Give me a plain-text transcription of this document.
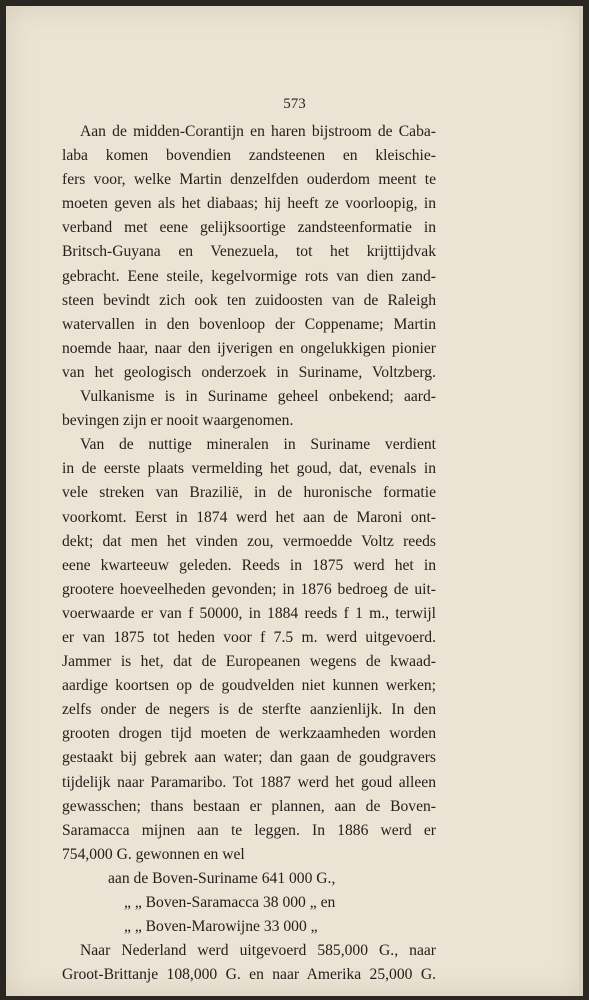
573
Aan de midden-Corantijn en haren bijstroom de Caba-
laba komen bovendien zandsteenen en kleischie-
fers voor, welke Martin denzelfden ouderdom meent te
moeten geven als het diabaas; hij heeft ze voorloopig, in
verband met eene gelijksoortige zandsteenformatie in
Britsch-Guyana en Venezuela, tot het krijttijdvak
gebracht. Eene steile, kegelvormige rots van dien zand-
steen bevindt zich ook ten zuidoosten van de Raleigh
watervallen in den bovenloop der Coppename; Martin
noemde haar, naar den ijverigen en ongelukkigen pionier
van het geologisch onderzoek in Suriname, Voltzberg.
Vulkanisme is in Suriname geheel onbekend; aard-
bevingen zijn er nooit waargenomen.
Van de nuttige mineralen in Suriname verdient
in de eerste plaats vermelding het goud, dat, evenals in
vele streken van Brazilië, in de huronische formatie
voorkomt. Eerst in 1874 werd het aan de Maroni ont-
dekt; dat men het vinden zou, vermoedde Voltz reeds
eene kwarteeuw geleden. Reeds in 1875 werd het in
grootere hoeveelheden gevonden; in 1876 bedroeg de uit-
voerwaarde er van f 50000, in 1884 reeds f 1 m., terwijl
er van 1875 tot heden voor f 7.5 m. werd uitgevoerd.
Jammer is het, dat de Europeanen wegens de kwaad-
aardige koortsen op de goudvelden niet kunnen werken;
zelfs onder de negers is de sterfte aanzienlijk. In den
grooten drogen tijd moeten de werkzaamheden worden
gestaakt bij gebrek aan water; dan gaan de goudgravers
tijdelijk naar Paramaribo. Tot 1887 werd het goud alleen
gewasschen; thans bestaan er plannen, aan de Boven-
Saramacca mijnen aan te leggen. In 1886 werd er
754,000 G. gewonnen en wel
aan de Boven-Suriname 641 000 G.,
„ „ Boven-Saramacca 38 000 „ en
„ „ Boven-Marowijne 33 000 „
Naar Nederland werd uitgevoerd 585,000 G., naar
Groot-Brittanje 108,000 G. en naar Amerika 25,000 G.
